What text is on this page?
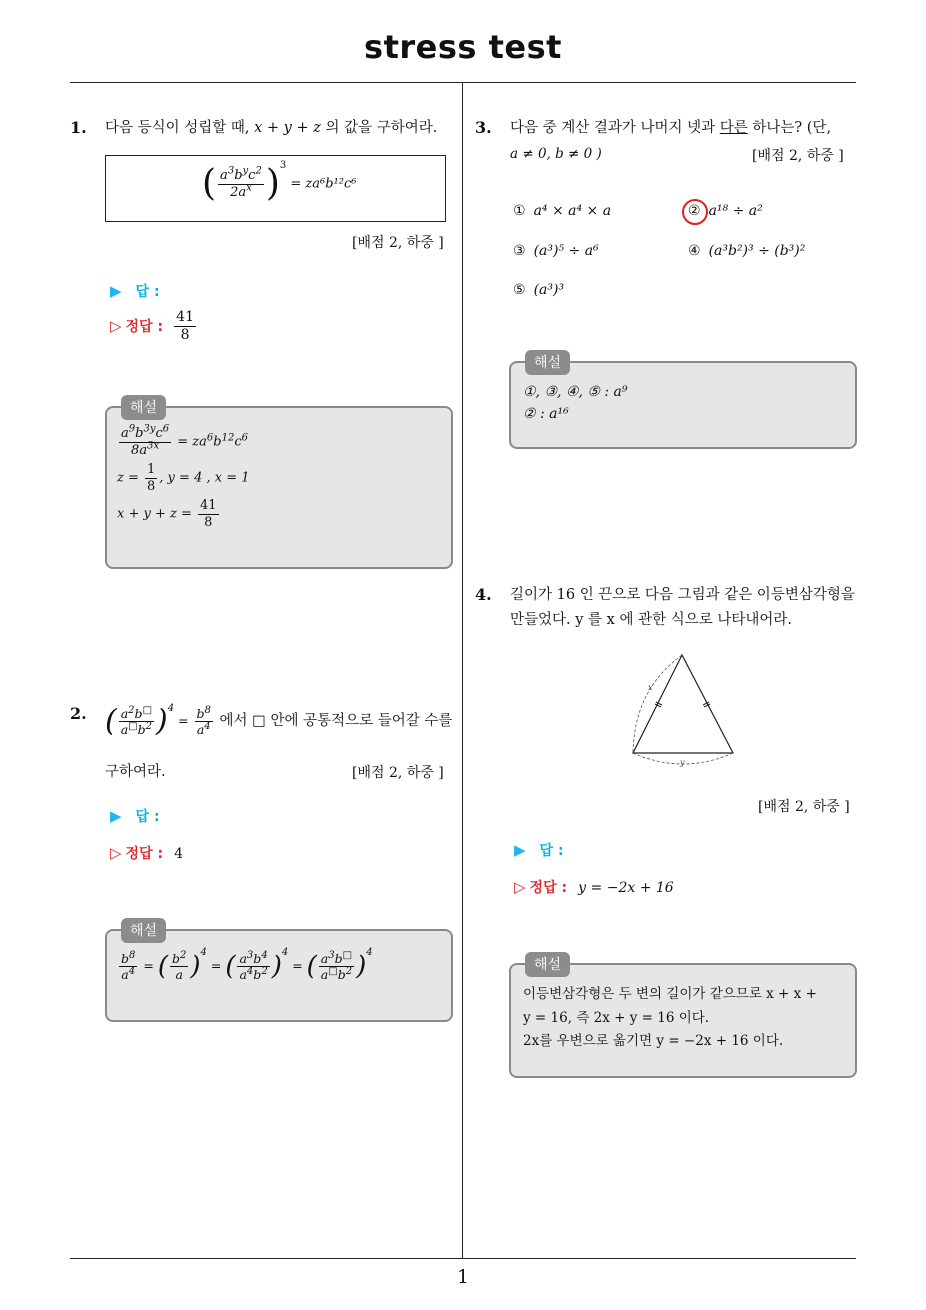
stress test
1
1. 다음 등식이 성립할 때, x + y + z 의 값을 구하여라.
( $\frac{a^3b^yc^2}{2a^x} )^3 = za^6b^{12}c^6$
[배점 2, 하중 ]
▶ 답 :
▷ 정답 : $\frac{41}{8}$
해설
$\frac{a^9b^{3y}c^6}{8a^{3x}} = za^6b^{12}c^6$
$z = \frac{1}{8}$ , y = 4 , x = 1
$x + y + z = \frac{41}{8}$
2. ( $\frac{a^2b^□}{a^□b^2} )^4 = \frac{b^8}{a^4}$ 에서 □ 안에 공통적으로 들어갈 수를
구하여라.	[배점 2, 하중 ]
▶ 답 :
▷ 정답 : 4
해설
$\frac{b^8}{a^4}$ = ( $\frac{b^2}{a} )^4$ = ( $\frac{a^3b^4}{a^4b^2} )^4$ = ( $\frac{a^3b^□}{a^□b^2} )^4$
3. 다음 중 계산 결과가 나머지 넷과 다른 하나는? (단,
a ≠ 0, b ≠ 0 )	[배점 2, 하중 ]
① a⁴ × a⁴ × a	② a¹⁸ ÷ a²
③ (a³)⁵ ÷ a⁶	④ (a³b²)³ ÷ (b³)²
⑤ (a³)³
해설
①, ③, ④, ⑤ : a⁹
② : a¹⁶
4. 길이가 16 인 끈으로 다음 그림과 같은 이등변삼각형을
만들었다. y 를 x 에 관한 식으로 나타내어라.
x
y
[배점 2, 하중 ]
▶ 답 :
▷ 정답 : y = −2x + 16
해설
이등변삼각형은 두 변의 길이가 같으므로 x + x +
y = 16, 즉 2x + y = 16 이다.
2x를 우변으로 옮기면 y = −2x + 16 이다.
